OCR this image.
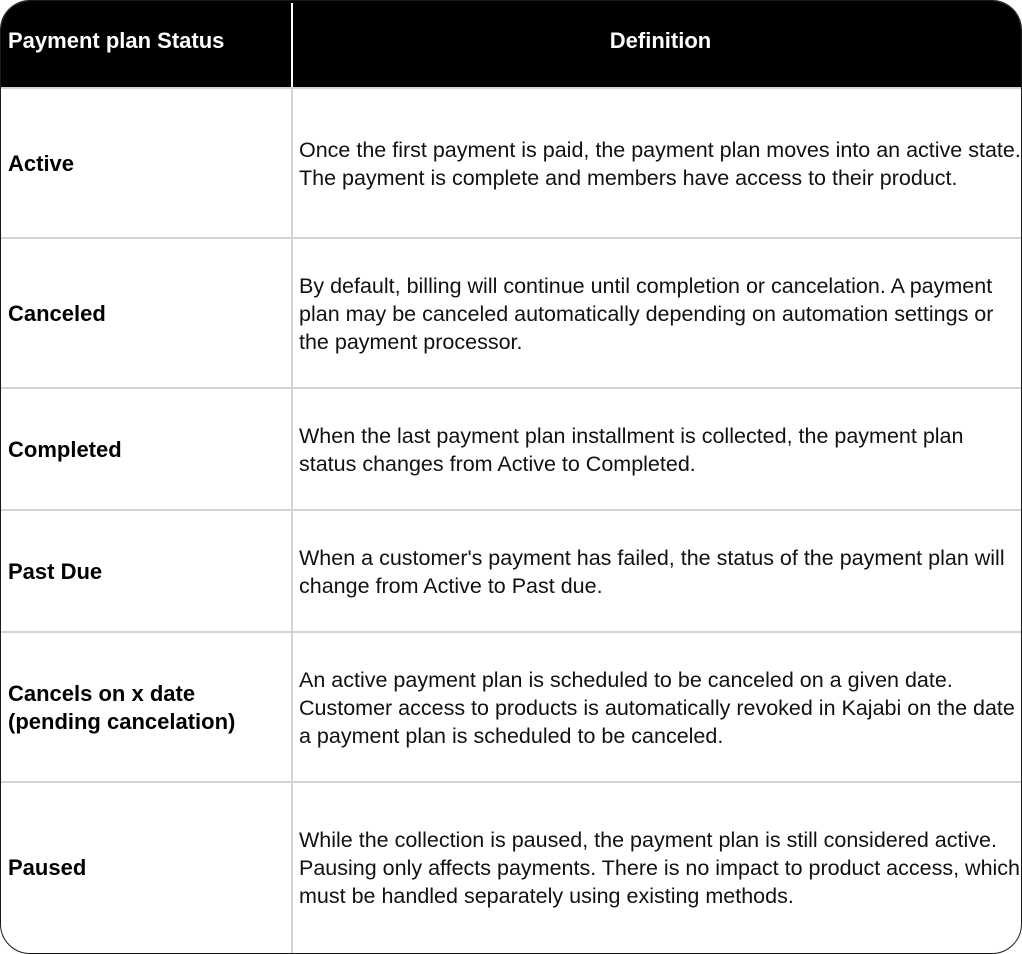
Payment plan Status	Definition
Active
Once the first payment is paid, the payment plan moves into an active state. The payment is complete and members have access to their product.
Canceled
By default, billing will continue until completion or cancelation. A payment plan may be canceled automatically depending on automation settings or the payment processor.
Completed
When the last payment plan installment is collected, the payment plan status changes from Active to Completed.
Past Due
When a customer's payment has failed, the status of the payment plan will change from Active to Past due.
Cancels on x date (pending cancelation)
An active payment plan is scheduled to be canceled on a given date. Customer access to products is automatically revoked in Kajabi on the date a payment plan is scheduled to be canceled.
Paused
While the collection is paused, the payment plan is still considered active. Pausing only affects payments. There is no impact to product access, which must be handled separately using existing methods.
